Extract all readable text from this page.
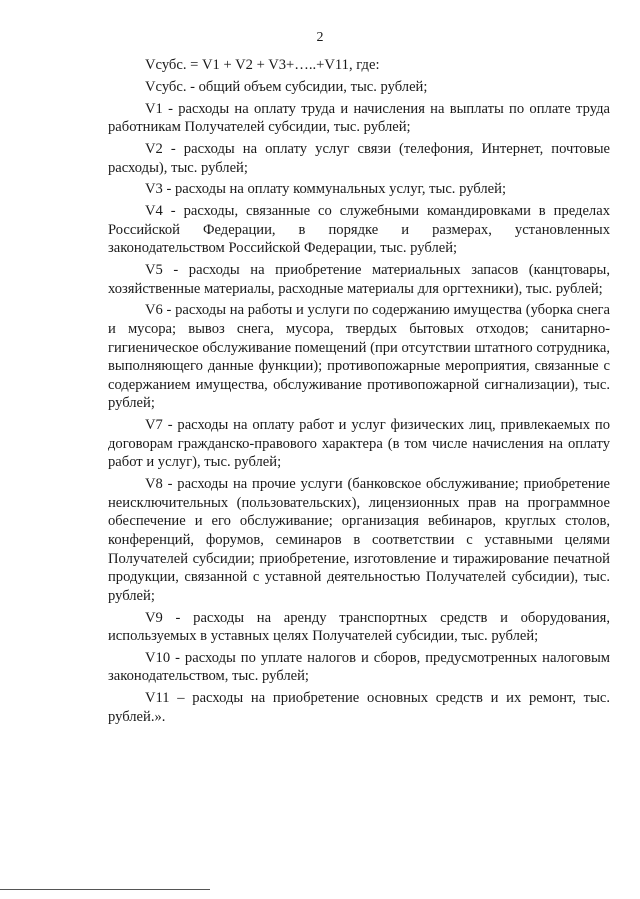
2

Vсубс. = V1 + V2 + V3+…..+V11, где:

Vсубс. - общий объем субсидии, тыс. рублей;

V1 - расходы на оплату труда и начисления на выплаты по оплате труда работникам Получателей субсидии, тыс. рублей;

V2 - расходы на оплату услуг связи (телефония, Интернет, почтовые расходы), тыс. рублей;

V3 - расходы на оплату коммунальных услуг, тыс. рублей;

V4 - расходы, связанные со служебными командировками в пределах Российской Федерации, в порядке и размерах, установленных законодательством Российской Федерации, тыс. рублей;

V5 - расходы на приобретение материальных запасов (канцтовары, хозяйственные материалы, расходные материалы для оргтехники), тыс. рублей;

V6 - расходы на работы и услуги по содержанию имущества (уборка снега и мусора; вывоз снега, мусора, твердых бытовых отходов; санитарно-гигиеническое обслуживание помещений (при отсутствии штатного сотрудника, выполняющего данные функции); противопожарные мероприятия, связанные с содержанием имущества, обслуживание противопожарной сигнализации), тыс. рублей;

V7 - расходы на оплату работ и услуг физических лиц, привлекаемых по договорам гражданско-правового характера (в том числе начисления на оплату работ и услуг), тыс. рублей;

V8 - расходы на прочие услуги (банковское обслуживание; приобретение неисключительных (пользовательских), лицензионных прав на программное обеспечение и его обслуживание; организация вебинаров, круглых столов, конференций, форумов, семинаров в соответствии с уставными целями Получателей субсидии; приобретение, изготовление и тиражирование печатной продукции, связанной с уставной деятельностью Получателей субсидии), тыс. рублей;

V9 - расходы на аренду транспортных средств и оборудования, используемых в уставных целях Получателей субсидии, тыс. рублей;

V10 - расходы по уплате налогов и сборов, предусмотренных налоговым законодательством, тыс. рублей;

V11 – расходы на приобретение основных средств и их ремонт, тыс. рублей.».
